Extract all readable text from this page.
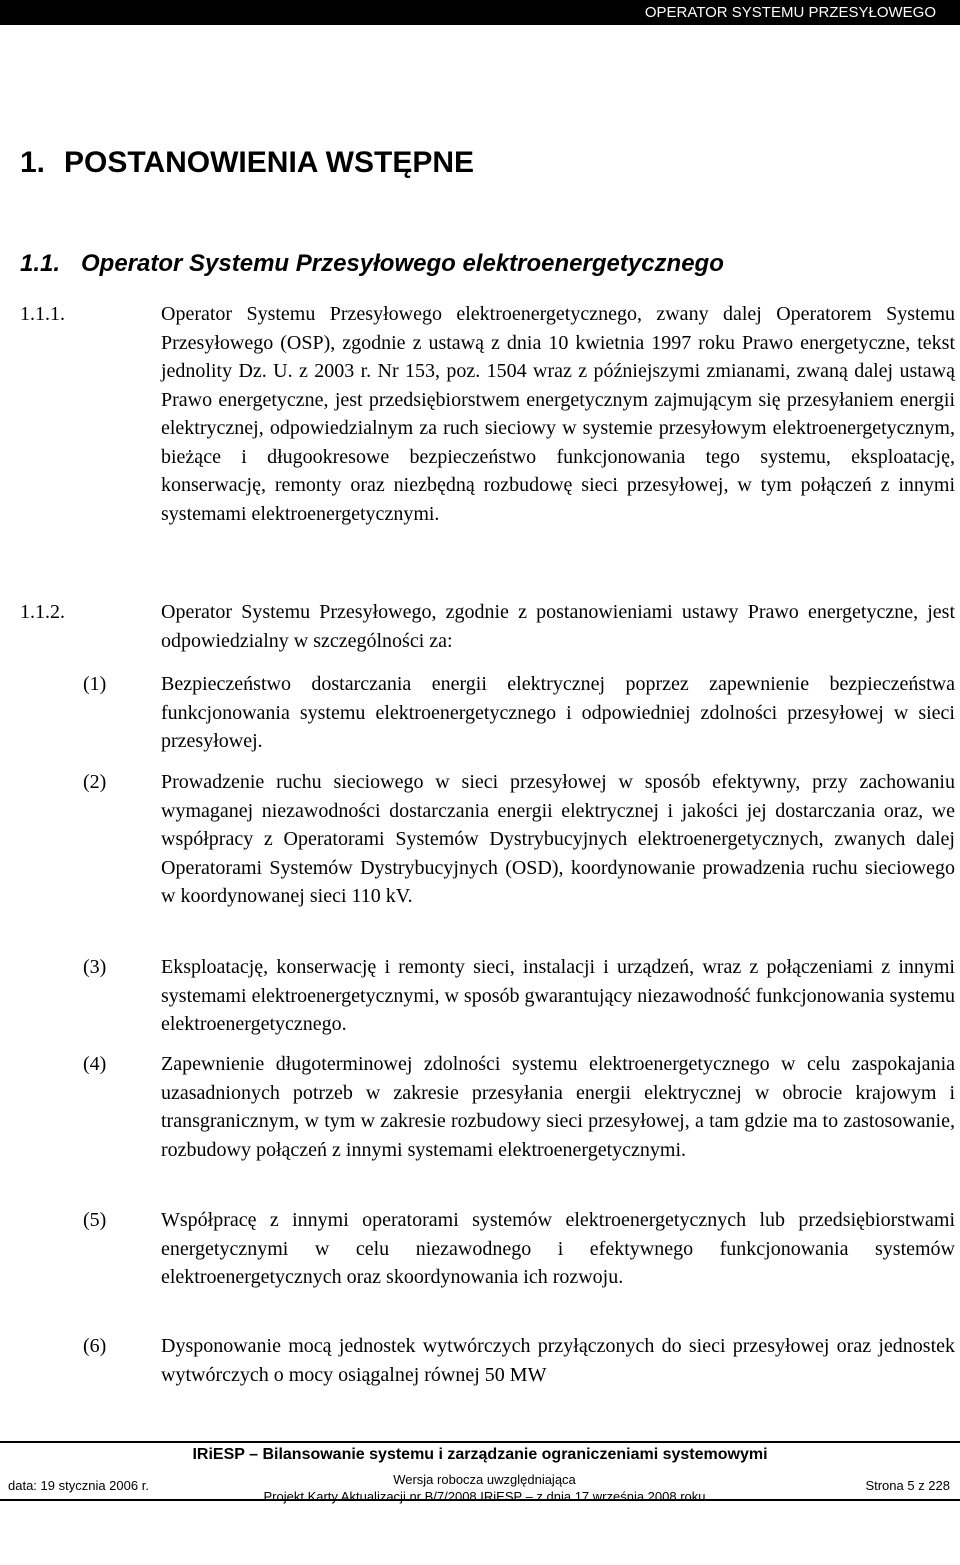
OPERATOR SYSTEMU PRZESYŁOWEGO
1. POSTANOWIENIA WSTĘPNE
1.1. Operator Systemu Przesyłowego elektroenergetycznego
1.1.1.	Operator Systemu Przesyłowego elektroenergetycznego, zwany dalej Operatorem Systemu Przesyłowego (OSP), zgodnie z ustawą z dnia 10 kwietnia 1997 roku Prawo energetyczne, tekst jednolity Dz. U. z 2003 r. Nr 153, poz. 1504 wraz z późniejszymi zmianami, zwaną dalej ustawą Prawo energetyczne, jest przedsiębiorstwem energetycznym zajmującym się przesyłaniem energii elektrycznej, odpowiedzialnym za ruch sieciowy w systemie przesyłowym elektroenergetycznym, bieżące i długookresowe bezpieczeństwo funkcjonowania tego systemu, eksploatację, konserwację, remonty oraz niezbędną rozbudowę sieci przesyłowej, w tym połączeń z innymi systemami elektroenergetycznymi.
1.1.2.	Operator Systemu Przesyłowego, zgodnie z postanowieniami ustawy Prawo energetyczne, jest odpowiedzialny w szczególności za:
(1)	Bezpieczeństwo dostarczania energii elektrycznej poprzez zapewnienie bezpieczeństwa funkcjonowania systemu elektroenergetycznego i odpowiedniej zdolności przesyłowej w sieci przesyłowej.
(2)	Prowadzenie ruchu sieciowego w sieci przesyłowej w sposób efektywny, przy zachowaniu wymaganej niezawodności dostarczania energii elektrycznej i jakości jej dostarczania oraz, we współpracy z Operatorami Systemów Dystrybucyjnych elektroenergetycznych, zwanych dalej Operatorami Systemów Dystrybucyjnych (OSD), koordynowanie prowadzenia ruchu sieciowego w koordynowanej sieci 110 kV.
(3)	Eksploatację, konserwację i remonty sieci, instalacji i urządzeń, wraz z połączeniami z innymi systemami elektroenergetycznymi, w sposób gwarantujący niezawodność funkcjonowania systemu elektroenergetycznego.
(4)	Zapewnienie długoterminowej zdolności systemu elektroenergetycznego w celu zaspokajania uzasadnionych potrzeb w zakresie przesyłania energii elektrycznej w obrocie krajowym i transgranicznym, w tym w zakresie rozbudowy sieci przesyłowej, a tam gdzie ma to zastosowanie, rozbudowy połączeń z innymi systemami elektroenergetycznymi.
(5)	Współpracę z innymi operatorami systemów elektroenergetycznych lub przedsiębiorstwami energetycznymi w celu niezawodnego i efektywnego funkcjonowania systemów elektroenergetycznych oraz skoordynowania ich rozwoju.
(6)	Dysponowanie mocą jednostek wytwórczych przyłączonych do sieci przesyłowej oraz jednostek wytwórczych o mocy osiągalnej równej 50 MW
IRiESP – Bilansowanie systemu i zarządzanie ograniczeniami systemowymi
data: 19 stycznia 2006 r.	Wersja robocza uwzględniająca
Projekt Karty Aktualizacji nr B/7/2008 IRiESP – z dnia 17 września 2008 roku
Strona 5 z 228
